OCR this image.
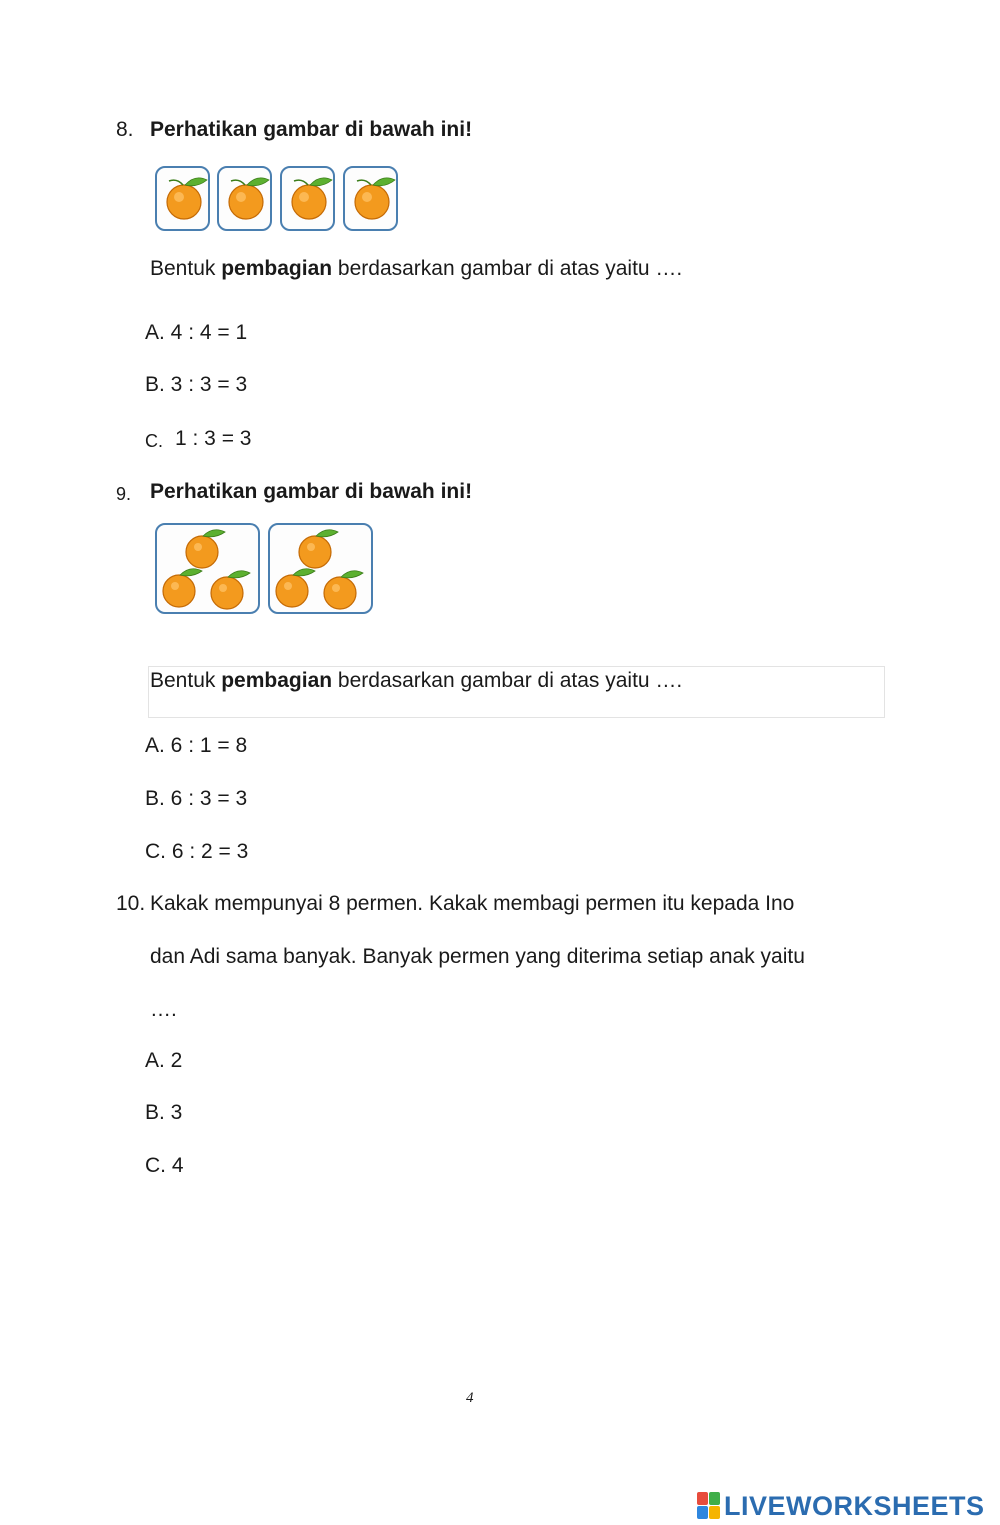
8. Perhatikan gambar di bawah ini!
Bentuk pembagian berdasarkan gambar di atas yaitu ….
A. 4 : 4 = 1
B. 3 : 3 = 3
C. 1 : 3 = 3
9. Perhatikan gambar di bawah ini!
Bentuk pembagian berdasarkan gambar di atas yaitu ….
A. 6 : 1 = 8
B. 6 : 3 = 3
C. 6 : 2 = 3
10. Kakak mempunyai 8 permen. Kakak membagi permen itu kepada Ino
dan Adi sama banyak. Banyak permen yang diterima setiap anak yaitu
….
A. 2
B. 3
C. 4
4
LIVEWORKSHEETS
